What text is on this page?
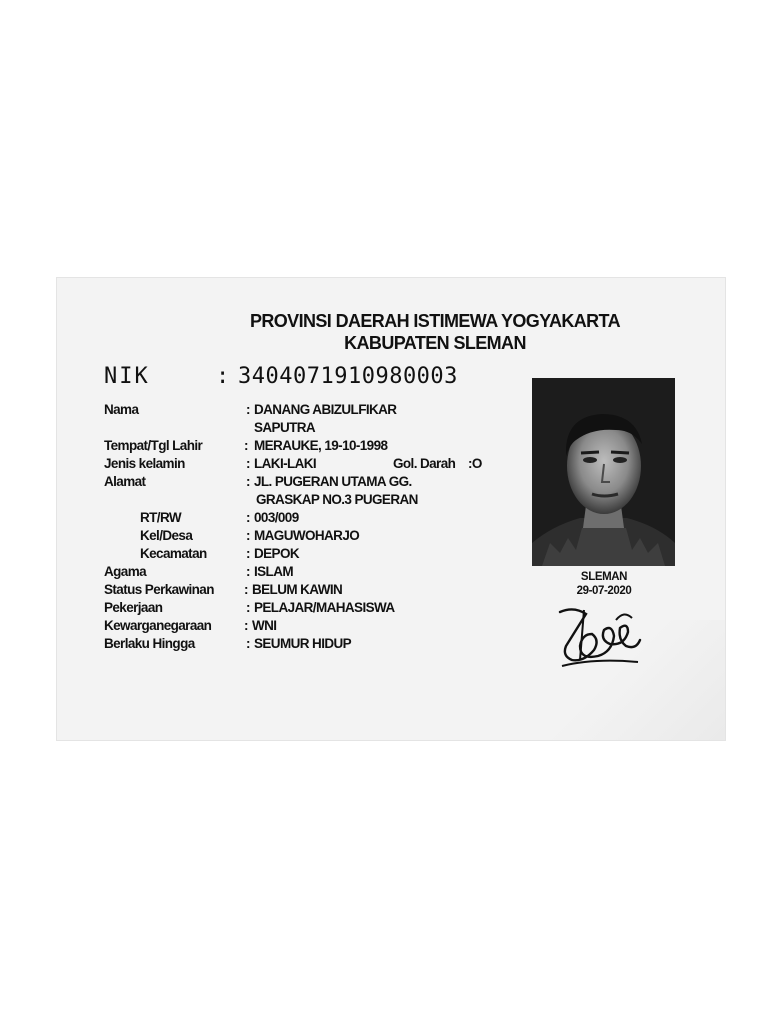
PROVINSI DAERAH ISTIMEWA YOGYAKARTA
KABUPATEN SLEMAN
NIK	: 3404071910980003
Nama	: DANANG ABIZULFIKAR
SAPUTRA
Tempat/Tgl Lahir	: MERAUKE, 19-10-1998
Jenis kelamin	: LAKI-LAKI	Gol. Darah :O
Alamat	: JL. PUGERAN UTAMA GG.
GRASKAP NO.3 PUGERAN
RT/RW	: 003/009
Kel/Desa	: MAGUWOHARJO
Kecamatan	: DEPOK
Agama	: ISLAM
Status Perkawinan : BELUM KAWIN
Pekerjaan	: PELAJAR/MAHASISWA
Kewarganegaraan : WNI
Berlaku Hingga	: SEUMUR HIDUP
SLEMAN
29-07-2020
